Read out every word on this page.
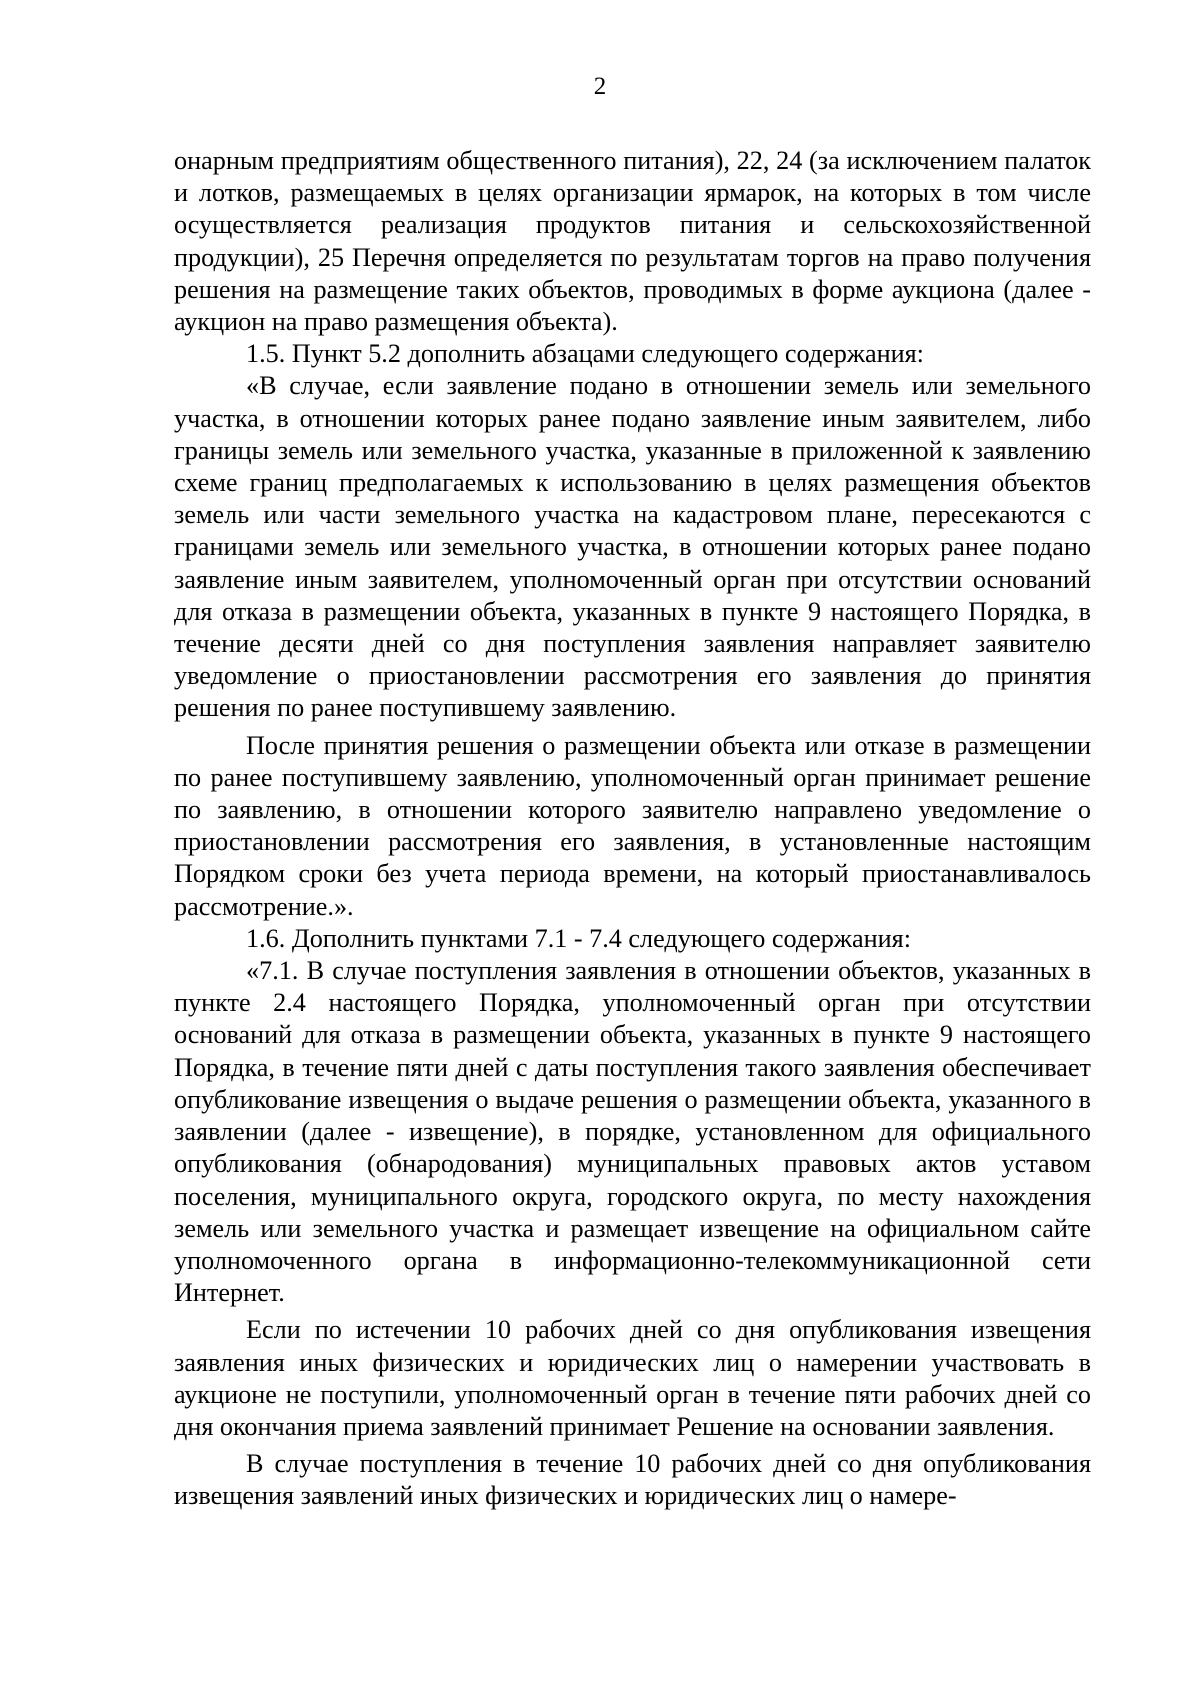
2

онарным предприятиям общественного питания), 22, 24 (за исключением палаток и лотков, размещаемых в целях организации ярмарок, на которых в том числе осуществляется реализация продуктов питания и сельскохозяйственной продукции), 25 Перечня определяется по результатам торгов на право получения решения на размещение таких объектов, проводимых в форме аукциона (далее - аукцион на право размещения объекта).

1.5. Пункт 5.2 дополнить абзацами следующего содержания:

«В случае, если заявление подано в отношении земель или земельного участка, в отношении которых ранее подано заявление иным заявителем, либо границы земель или земельного участка, указанные в приложенной к заявлению схеме границ предполагаемых к использованию в целях размещения объектов земель или части земельного участка на кадастровом плане, пересекаются с границами земель или земельного участка, в отношении которых ранее подано заявление иным заявителем, уполномоченный орган при отсутствии оснований для отказа в размещении объекта, указанных в пункте 9 настоящего Порядка, в течение десяти дней со дня поступления заявления направляет заявителю уведомление о приостановлении рассмотрения его заявления до принятия решения по ранее поступившему заявлению.

После принятия решения о размещении объекта или отказе в размещении по ранее поступившему заявлению, уполномоченный орган принимает решение по заявлению, в отношении которого заявителю направлено уведомление о приостановлении рассмотрения его заявления, в установленные настоящим Порядком сроки без учета периода времени, на который приостанавливалось рассмотрение.».

1.6. Дополнить пунктами 7.1 - 7.4 следующего содержания:

«7.1. В случае поступления заявления в отношении объектов, указанных в пункте 2.4 настоящего Порядка, уполномоченный орган при отсутствии оснований для отказа в размещении объекта, указанных в пункте 9 настоящего Порядка, в течение пяти дней с даты поступления такого заявления обеспечивает опубликование извещения о выдаче решения о размещении объекта, указанного в заявлении (далее - извещение), в порядке, установленном для официального опубликования (обнародования) муниципальных правовых актов уставом поселения, муниципального округа, городского округа, по месту нахождения земель или земельного участка и размещает извещение на официальном сайте уполномоченного органа в информационно-телекоммуникационной сети Интернет.

Если по истечении 10 рабочих дней со дня опубликования извещения заявления иных физических и юридических лиц о намерении участвовать в аукционе не поступили, уполномоченный орган в течение пяти рабочих дней со дня окончания приема заявлений принимает Решение на основании заявления.

В случае поступления в течение 10 рабочих дней со дня опубликования извещения заявлений иных физических и юридических лиц о намере-
